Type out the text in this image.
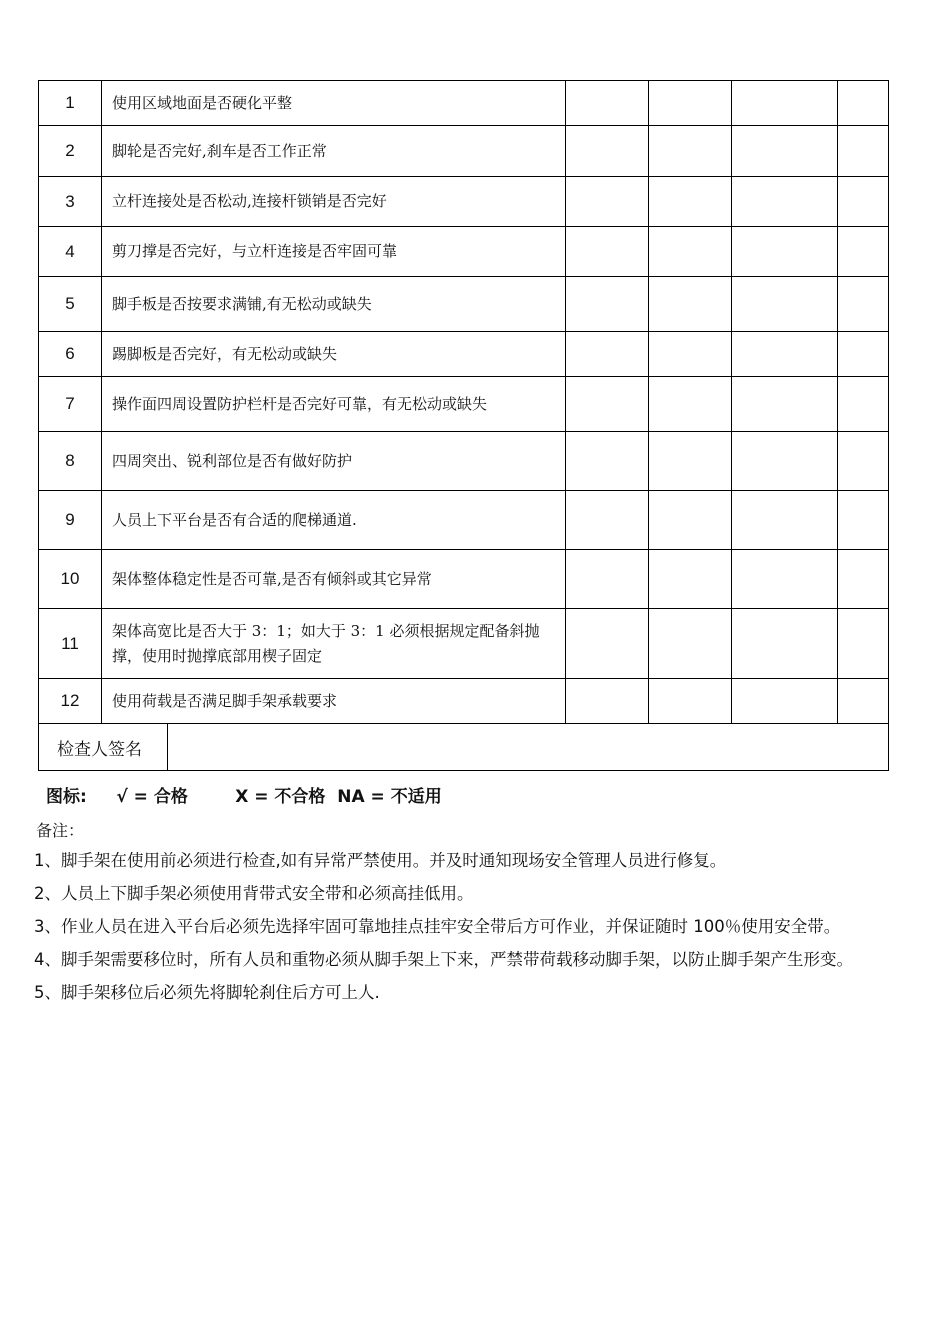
1	使用区域地面是否硬化平整					
2	脚轮是否完好,刹车是否工作正常					
3	立杆连接处是否松动,连接杆锁销是否完好					
4	剪刀撑是否完好，与立杆连接是否牢固可靠					
5	脚手板是否按要求满铺,有无松动或缺失					
6	踢脚板是否完好，有无松动或缺失					
7	操作面四周设置防护栏杆是否完好可靠，有无松动或缺失					
8	四周突出、锐利部位是否有做好防护					
9	人员上下平台是否有合适的爬梯通道.					
10	架体整体稳定性是否可靠,是否有倾斜或其它异常					
11	架体高宽比是否大于 3：1；如大于 3：1 必须根据规定配备斜抛撑，使用时抛撑底部用楔子固定					
12	使用荷载是否满足脚手架承载要求					
检查人签名						
图标: √ = 合格	X = 不合格 NA = 不适用
备注：
1、脚手架在使用前必须进行检查,如有异常严禁使用。并及时通知现场安全管理人员进行修复。
2、人员上下脚手架必须使用背带式安全带和必须高挂低用。
3、作业人员在进入平台后必须先选择牢固可靠地挂点挂牢安全带后方可作业，并保证随时 100％使用安全带。
4、脚手架需要移位时，所有人员和重物必须从脚手架上下来，严禁带荷载移动脚手架，以防止脚手架产生形变。
5、脚手架移位后必须先将脚轮刹住后方可上人.
